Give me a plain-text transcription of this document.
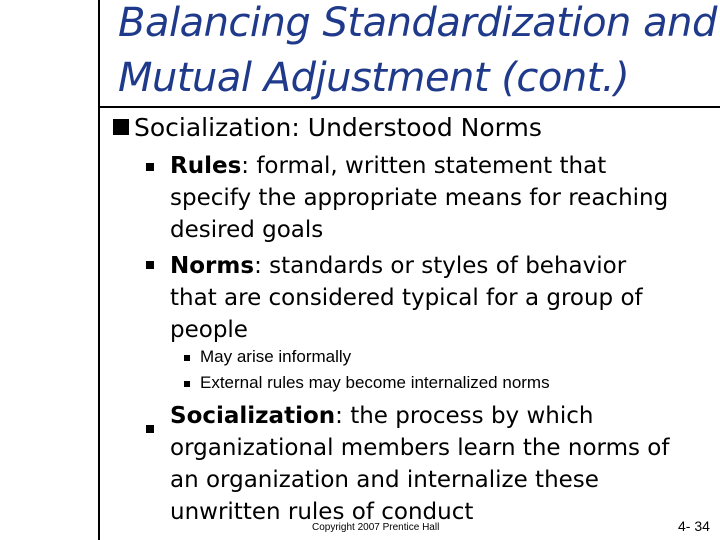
Balancing Standardization and
Mutual Adjustment (cont.)
Socialization: Understood Norms
Rules: formal, written statement that
specify the appropriate means for reaching
desired goals
Norms: standards or styles of behavior
that are considered typical for a group of
people
May arise informally
External rules may become internalized norms
Socialization: the process by which
organizational members learn the norms of
an organization and internalize these
unwritten rules of conduct
Copyright 2007 Prentice Hall	4- 34
